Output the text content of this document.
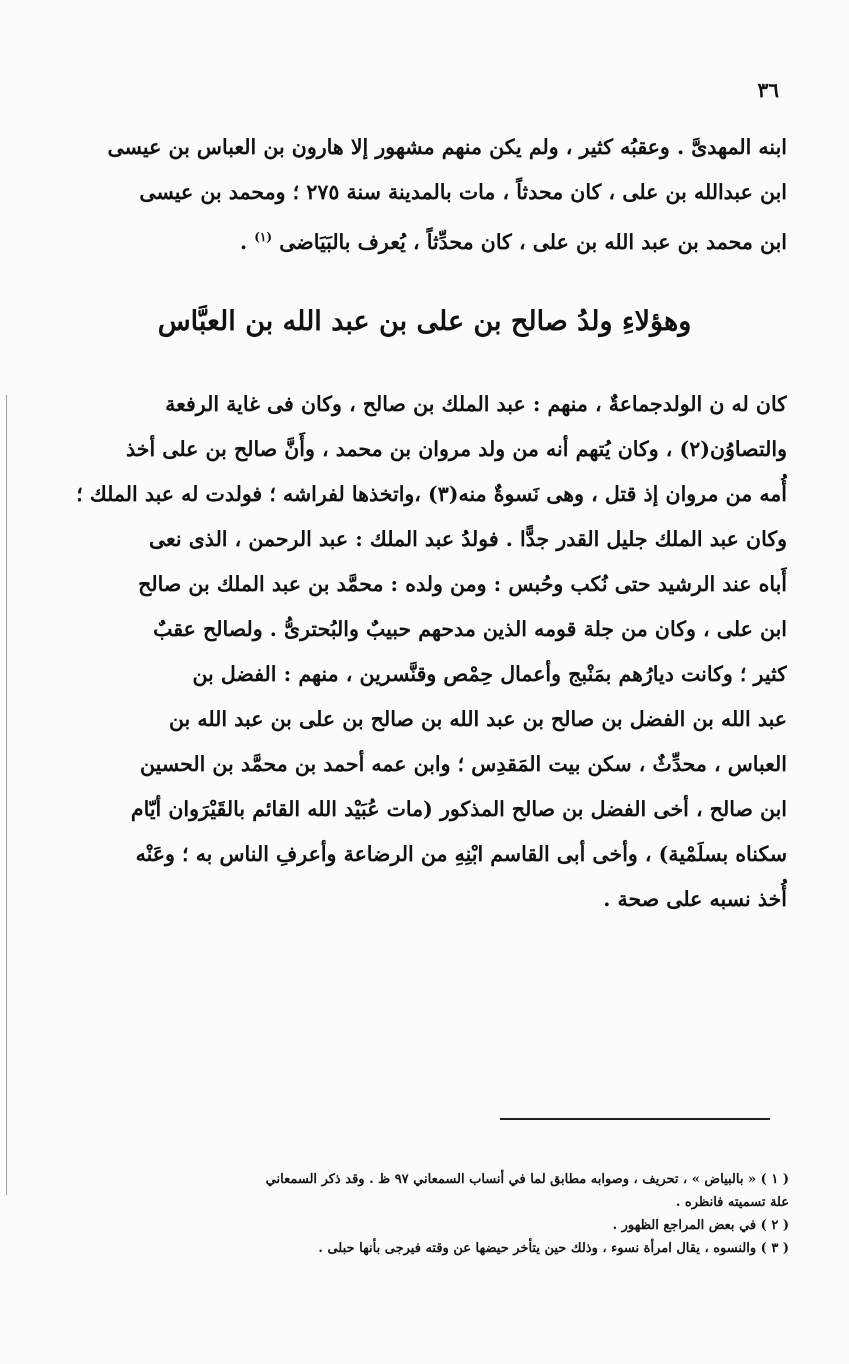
٣٦
ابنه المهدىَّ . وعقبُه كثير ، ولم يكن منهم مشهور إلا هارون بن العباس بن عيسى
ابن عبدالله بن على ، كان محدثاً ، مات بالمدينة سنة ٢٧٥ ؛ ومحمد بن عيسى
ابن محمد بن عبد الله بن على ، كان محدِّثاً ، يُعرف بالبَيَاضى $^{(١)}$ .
وهؤلاءِ ولدُ صالح بن على بن عبد الله بن العبَّاس
كان له ن الولدجماعةٌ ، منهم : عبد الملك بن صالح ، وكان فى غاية الرفعة
والتصاوُن(٢) ، وكان يُتهم أنه من ولد مروان بن محمد ، وأَنَّ صالح بن على أخذ
أُمه من مروان إذ قتل ، وهى نَسوةٌ منه(٣) ،واتخذها لفراشه ؛ فولدت له عبد الملك ؛
وكان عبد الملك جليل القدر جدًّا . فولدُ عبد الملك : عبد الرحمن ، الذى نعى
أَباه عند الرشيد حتى نُكب وحُبس : ومن ولده : محمَّد بن عبد الملك بن صالح
ابن على ، وكان من جلة قومه الذين مدحهم حبيبٌ والبُحترىُّ . ولصالح عقبٌ
كثير ؛ وكانت ديارُهم بمَنْبج وأعمال حِمْص وقنَّسرين ، منهم : الفضل بن
عبد الله بن الفضل بن صالح بن عبد الله بن صالح بن على بن عبد الله بن
العباس ، محدِّثٌ ، سكن بيت المَقدِس ؛ وابن عمه أحمد بن محمَّد بن الحسين
ابن صالح ، أخى الفضل بن صالح المذكور (مات عُبَيْد الله القائم بالقَيْرَوان أيّام
سكناه بسلَمْية) ، وأخى أبى القاسم ابْنِهِ من الرضاعة وأعرفِ الناس به ؛ وعَنْه
أُخذ نسبه على صحة .
( ١ ) « بالبياض » ، تحريف ، وصوابه مطابق لما في أنساب السمعاني ٩٧ ظ . وقد ذكر السمعاني
علة تسميته فانظره .
( ٢ ) في بعض المراجع الظهور .
( ٣ ) والنسوه ، يقال امرأة نسوء ، وذلك حين يتأخر حيضها عن وقته فيرجى بأنها حبلى .
